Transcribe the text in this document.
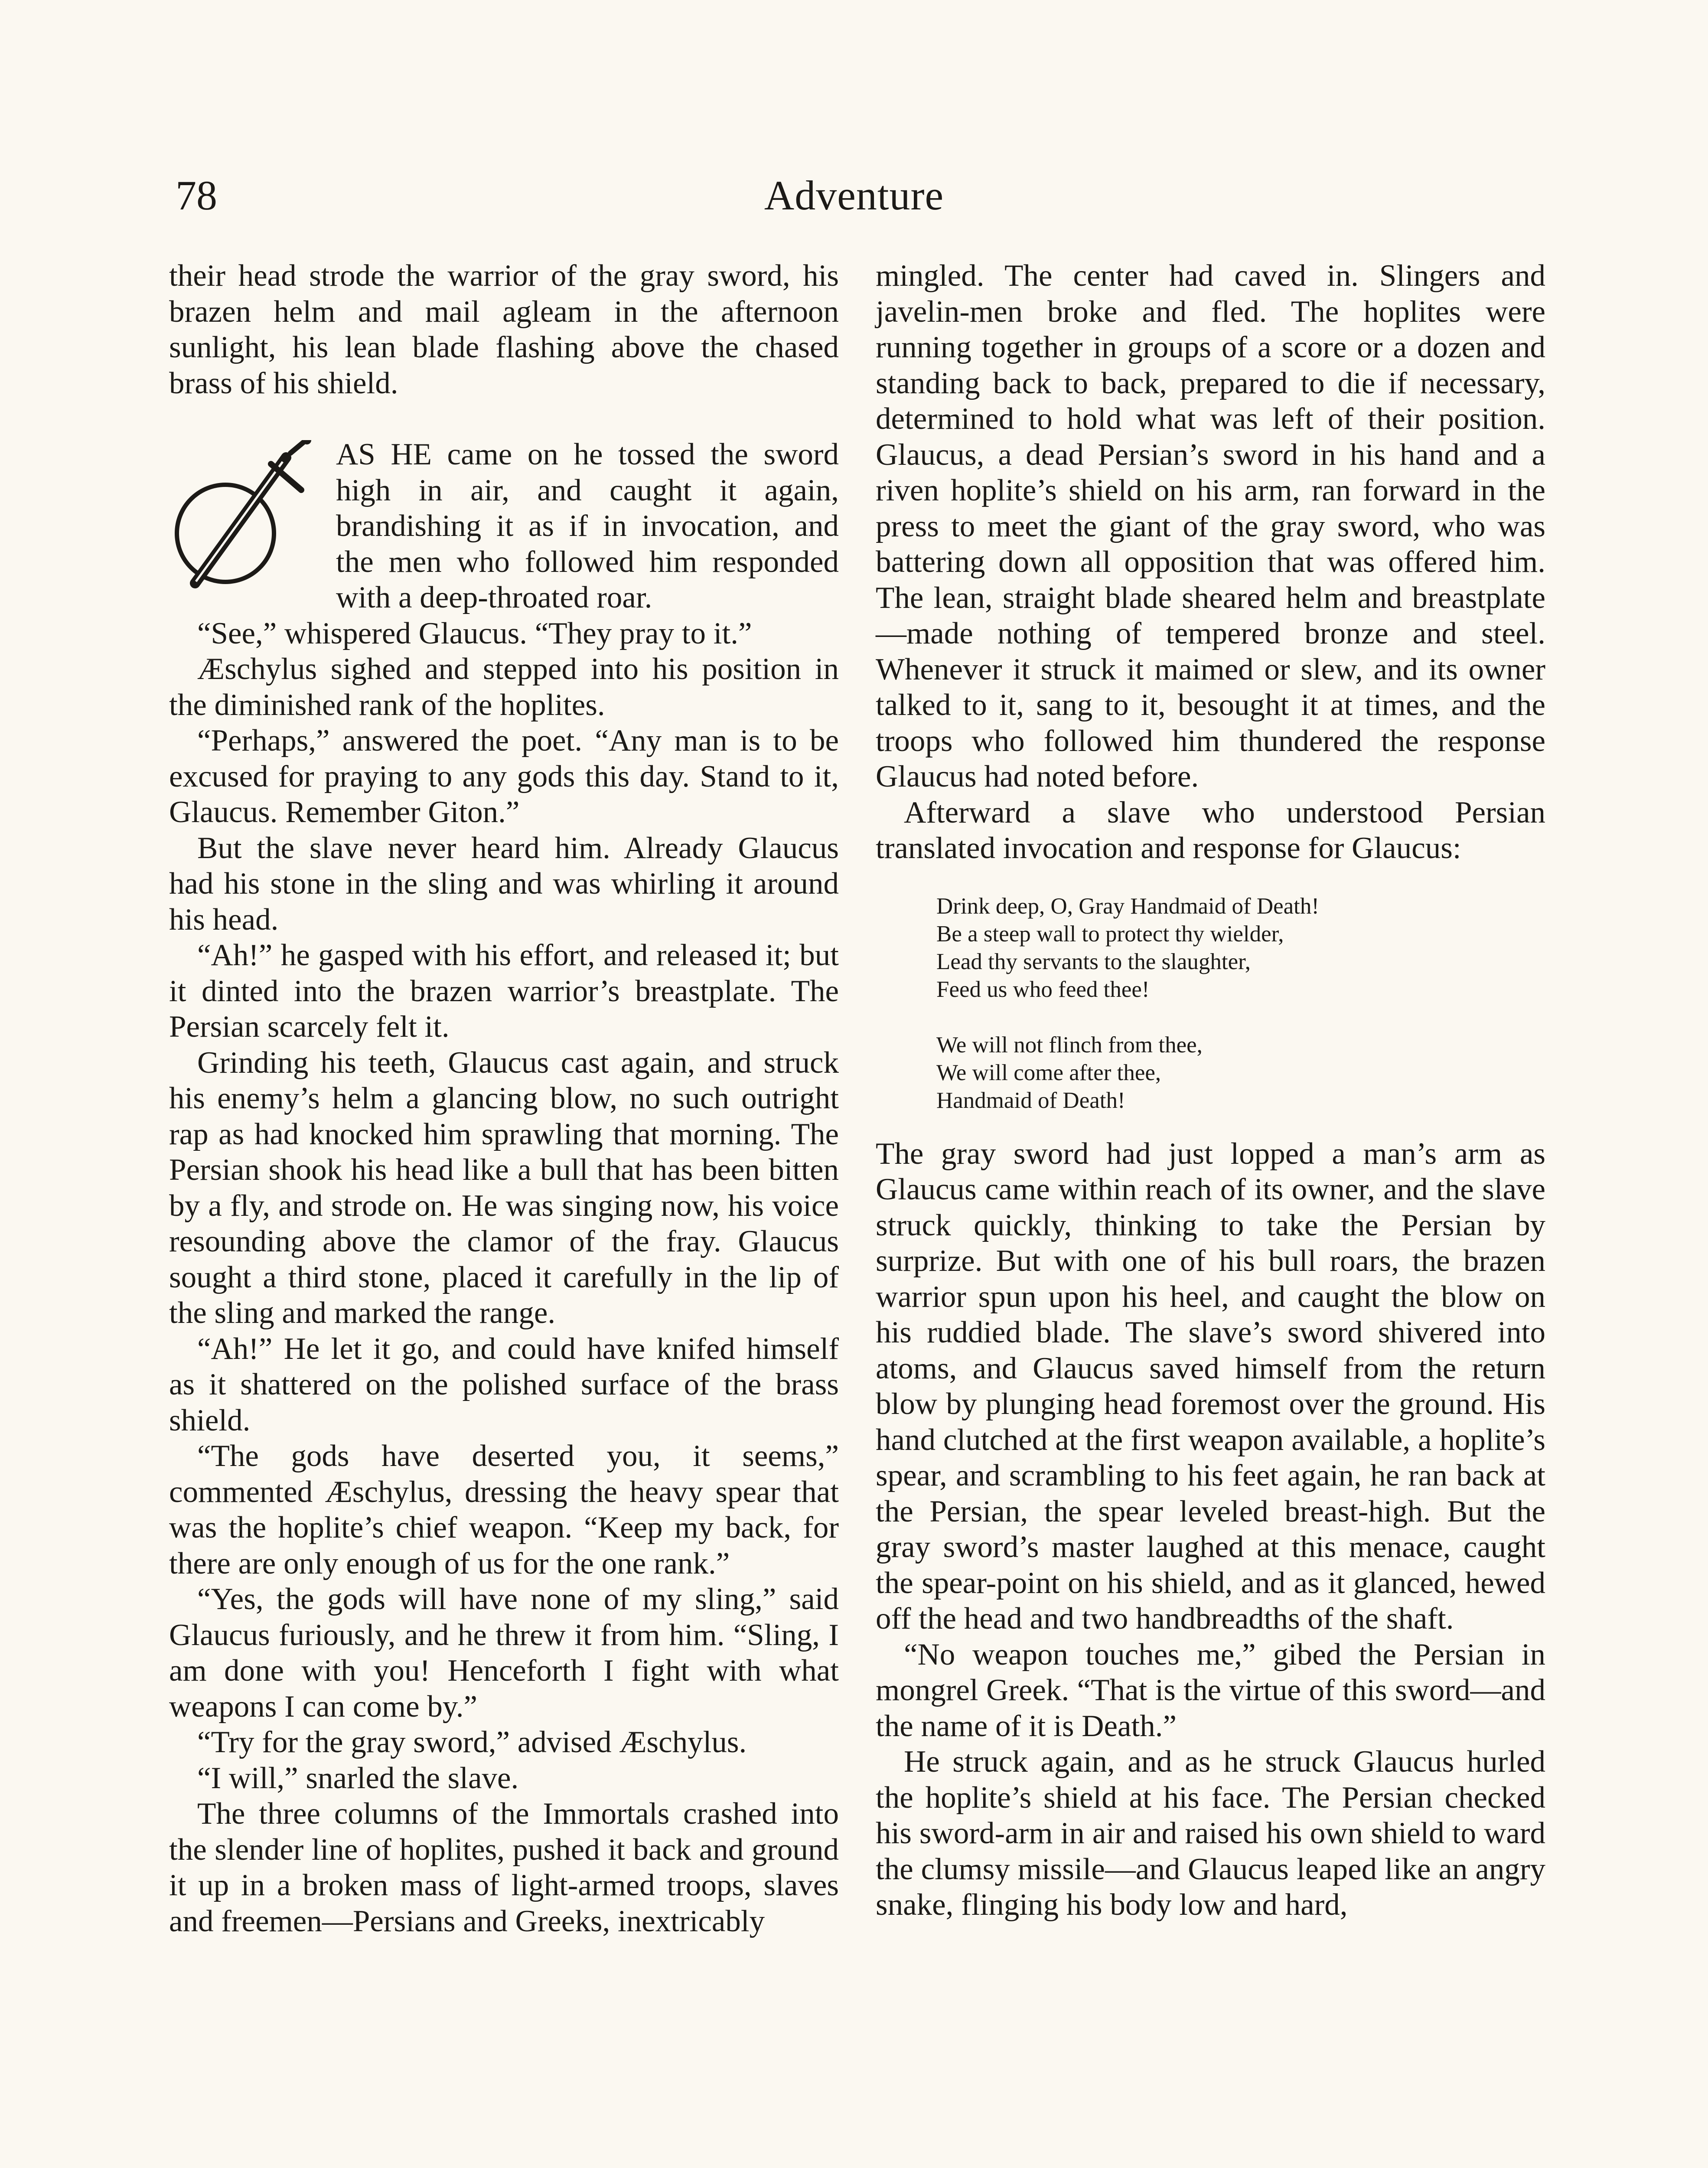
78	Adventure

their head strode the warrior of the gray sword, his brazen helm and mail agleam in the afternoon sunlight, his lean blade flashing above the chased brass of his shield.

AS HE came on he tossed the sword high in air, and caught it again, brandishing it as if in invocation, and the men who followed him responded with a deep-throated roar.

“See,” whispered Glaucus. “They pray to it.”

Æschylus sighed and stepped into his position in the diminished rank of the hoplites.

“Perhaps,” answered the poet. “Any man is to be excused for praying to any gods this day. Stand to it, Glaucus. Remember Giton.”

But the slave never heard him. Already Glaucus had his stone in the sling and was whirling it around his head.

“Ah!” he gasped with his effort, and released it; but it dinted into the brazen warrior’s breastplate. The Persian scarcely felt it.

Grinding his teeth, Glaucus cast again, and struck his enemy’s helm a glancing blow, no such outright rap as had knocked him sprawling that morning. The Persian shook his head like a bull that has been bitten by a fly, and strode on. He was singing now, his voice resounding above the clamor of the fray. Glaucus sought a third stone, placed it carefully in the lip of the sling and marked the range.

“Ah!” He let it go, and could have knifed himself as it shattered on the polished surface of the brass shield.

“The gods have deserted you, it seems,” commented Æschylus, dressing the heavy spear that was the hoplite’s chief weapon. “Keep my back, for there are only enough of us for the one rank.”

“Yes, the gods will have none of my sling,” said Glaucus furiously, and he threw it from him. “Sling, I am done with you! Henceforth I fight with what weapons I can come by.”

“Try for the gray sword,” advised Æschylus.

“I will,” snarled the slave.

The three columns of the Immortals crashed into the slender line of hoplites, pushed it back and ground it up in a broken mass of light-armed troops, slaves and freemen—Persians and Greeks, inextricably

mingled. The center had caved in. Slingers and javelin-men broke and fled. The hoplites were running together in groups of a score or a dozen and standing back to back, prepared to die if necessary, determined to hold what was left of their position. Glaucus, a dead Persian’s sword in his hand and a riven hoplite’s shield on his arm, ran forward in the press to meet the giant of the gray sword, who was battering down all opposition that was offered him. The lean, straight blade sheared helm and breastplate—made nothing of tempered bronze and steel. Whenever it struck it maimed or slew, and its owner talked to it, sang to it, besought it at times, and the troops who followed him thundered the response Glaucus had noted before.

Afterward a slave who understood Persian translated invocation and response for Glaucus:

Drink deep, O, Gray Handmaid of Death!
Be a steep wall to protect thy wielder,
Lead thy servants to the slaughter,
Feed us who feed thee!
We will not flinch from thee,
We will come after thee,
Handmaid of Death!

The gray sword had just lopped a man’s arm as Glaucus came within reach of its owner, and the slave struck quickly, thinking to take the Persian by surprize. But with one of his bull roars, the brazen warrior spun upon his heel, and caught the blow on his ruddied blade. The slave’s sword shivered into atoms, and Glaucus saved himself from the return blow by plunging head foremost over the ground. His hand clutched at the first weapon available, a hoplite’s spear, and scrambling to his feet again, he ran back at the Persian, the spear leveled breast-high. But the gray sword’s master laughed at this menace, caught the spear-point on his shield, and as it glanced, hewed off the head and two handbreadths of the shaft.

“No weapon touches me,” gibed the Persian in mongrel Greek. “That is the virtue of this sword—and the name of it is Death.”

He struck again, and as he struck Glaucus hurled the hoplite’s shield at his face. The Persian checked his sword-arm in air and raised his own shield to ward the clumsy missile—and Glaucus leaped like an angry snake, flinging his body low and hard,
